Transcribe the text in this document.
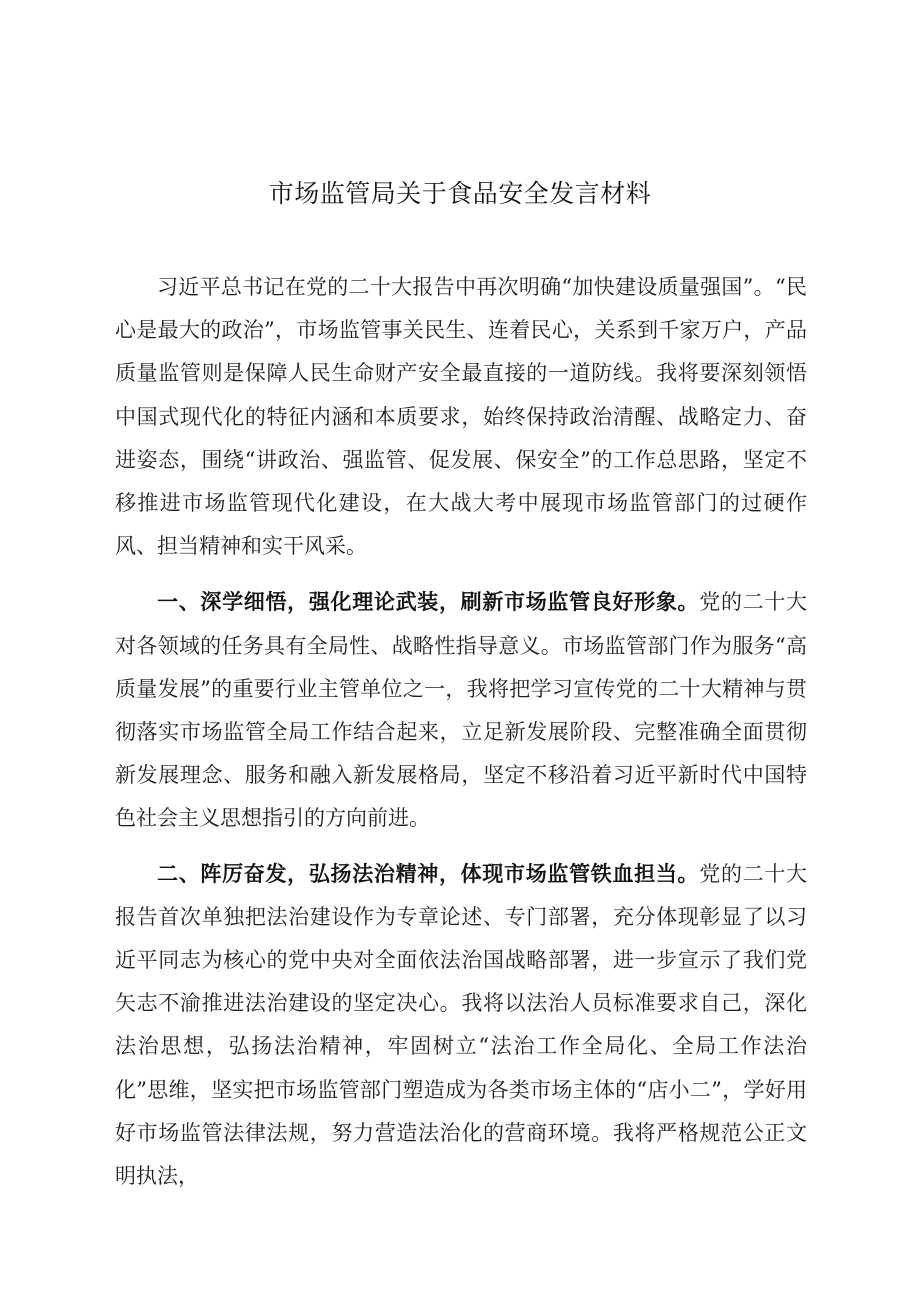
市场监管局关于食品安全发言材料

习近平总书记在党的二十大报告中再次明确“加快建设质量强国”。“民心是最大的政治”，市场监管事关民生、连着民心，关系到千家万户，产品质量监管则是保障人民生命财产安全最直接的一道防线。我将要深刻领悟中国式现代化的特征内涵和本质要求，始终保持政治清醒、战略定力、奋进姿态，围绕“讲政治、强监管、促发展、保安全”的工作总思路，坚定不移推进市场监管现代化建设，在大战大考中展现市场监管部门的过硬作风、担当精神和实干风采。

一、深学细悟，强化理论武装，刷新市场监管良好形象。党的二十大对各领域的任务具有全局性、战略性指导意义。市场监管部门作为服务“高质量发展”的重要行业主管单位之一，我将把学习宣传党的二十大精神与贯彻落实市场监管全局工作结合起来，立足新发展阶段、完整准确全面贯彻新发展理念、服务和融入新发展格局，坚定不移沿着习近平新时代中国特色社会主义思想指引的方向前进。

二、阵厉奋发，弘扬法治精神，体现市场监管铁血担当。党的二十大报告首次单独把法治建设作为专章论述、专门部署，充分体现彰显了以习近平同志为核心的党中央对全面依法治国战略部署，进一步宣示了我们党矢志不渝推进法治建设的坚定决心。我将以法治人员标准要求自己，深化法治思想，弘扬法治精神，牢固树立“法治工作全局化、全局工作法治化”思维，坚实把市场监管部门塑造成为各类市场主体的“店小二”，学好用好市场监管法律法规，努力营造法治化的营商环境。我将严格规范公正文明执法，
